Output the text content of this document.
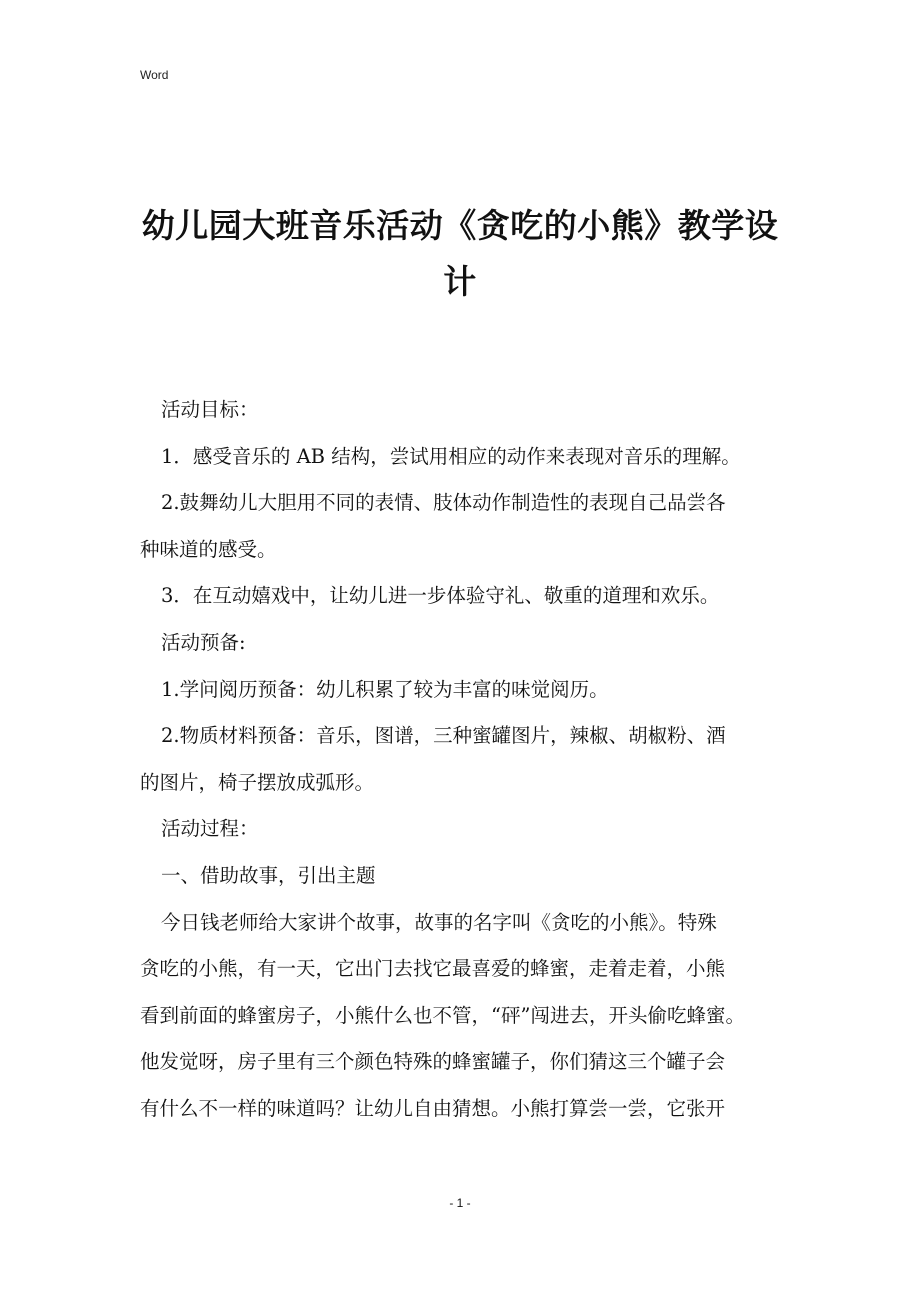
Word
幼儿园大班音乐活动《贪吃的小熊》教学设
计
活动目标：
1．感受音乐的 AB 结构，尝试用相应的动作来表现对音乐的理解。
2.鼓舞幼儿大胆用不同的表情、肢体动作制造性的表现自己品尝各
种味道的感受。
3．在互动嬉戏中，让幼儿进一步体验守礼、敬重的道理和欢乐。
活动预备:
1.学问阅历预备：幼儿积累了较为丰富的味觉阅历。
2.物质材料预备：音乐，图谱，三种蜜罐图片，辣椒、胡椒粉、酒
的图片，椅子摆放成弧形。
活动过程：
一、借助故事，引出主题
今日钱老师给大家讲个故事，故事的名字叫《贪吃的小熊》。特殊
贪吃的小熊，有一天，它出门去找它最喜爱的蜂蜜，走着走着，小熊
看到前面的蜂蜜房子，小熊什么也不管，“砰”闯进去，开头偷吃蜂蜜。
他发觉呀，房子里有三个颜色特殊的蜂蜜罐子，你们猜这三个罐子会
有什么不一样的味道吗？让幼儿自由猜想。小熊打算尝一尝，它张开
- 1 -
